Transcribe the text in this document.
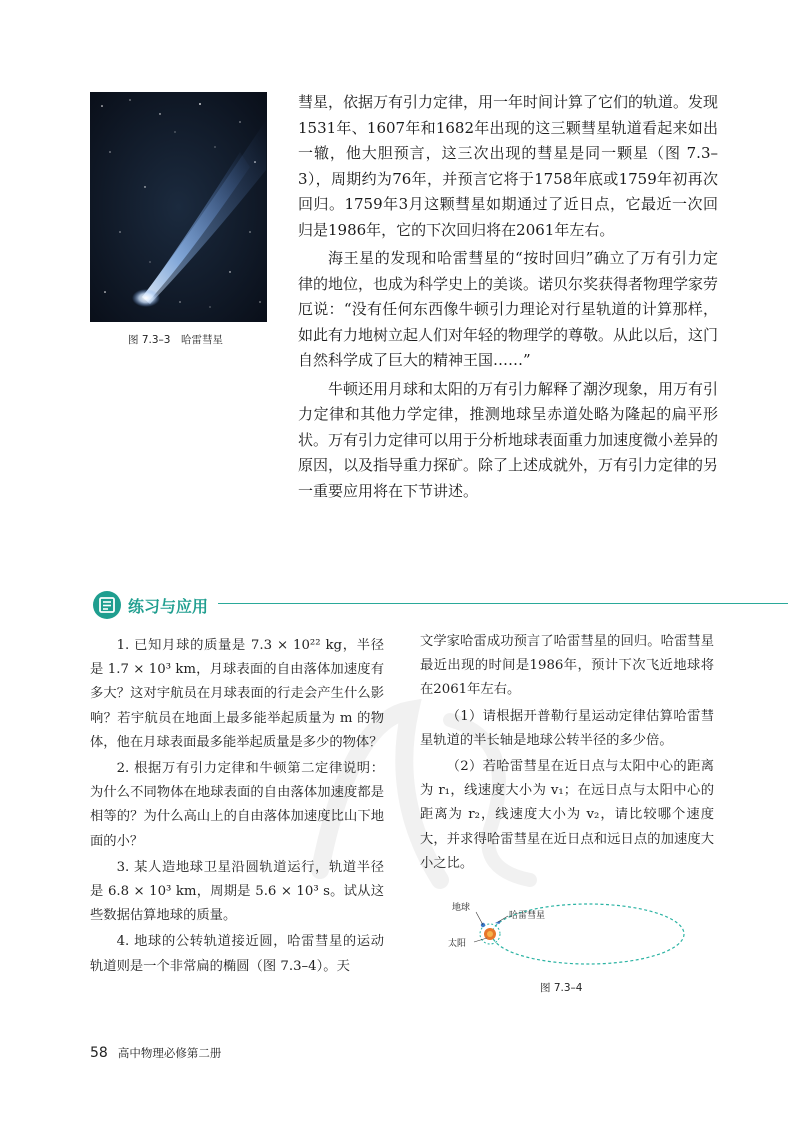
图 7.3–3　哈雷彗星

彗星，依据万有引力定律，用一年时间计算了它们的轨道。发现1531年、1607年和1682年出现的这三颗彗星轨道看起来如出一辙，他大胆预言，这三次出现的彗星是同一颗星（图 7.3–3），周期约为76年，并预言它将于1758年底或1759年初再次回归。1759年3月这颗彗星如期通过了近日点，它最近一次回归是1986年，它的下次回归将在2061年左右。

海王星的发现和哈雷彗星的“按时回归”确立了万有引力定律的地位，也成为科学史上的美谈。诺贝尔奖获得者物理学家劳厄说：“没有任何东西像牛顿引力理论对行星轨道的计算那样，如此有力地树立起人们对年轻的物理学的尊敬。从此以后，这门自然科学成了巨大的精神王国……”

牛顿还用月球和太阳的万有引力解释了潮汐现象，用万有引力定律和其他力学定律，推测地球呈赤道处略为隆起的扁平形状。万有引力定律可以用于分析地球表面重力加速度微小差异的原因，以及指导重力探矿。除了上述成就外，万有引力定律的另一重要应用将在下节讲述。

练习与应用

1. 已知月球的质量是 7.3 × 10²² kg，半径是 1.7 × 10³ km，月球表面的自由落体加速度有多大？这对宇航员在月球表面的行走会产生什么影响？若宇航员在地面上最多能举起质量为 m 的物体，他在月球表面最多能举起质量是多少的物体？

2. 根据万有引力定律和牛顿第二定律说明：为什么不同物体在地球表面的自由落体加速度都是相等的？为什么高山上的自由落体加速度比山下地面的小？

3. 某人造地球卫星沿圆轨道运行，轨道半径是 6.8 × 10³ km，周期是 5.6 × 10³ s。试从这些数据估算地球的质量。

4. 地球的公转轨道接近圆，哈雷彗星的运动轨道则是一个非常扁的椭圆（图 7.3–4）。天

文学家哈雷成功预言了哈雷彗星的回归。哈雷彗星最近出现的时间是1986年，预计下次飞近地球将在2061年左右。

（1）请根据开普勒行星运动定律估算哈雷彗星轨道的半长轴是地球公转半径的多少倍。

（2）若哈雷彗星在近日点与太阳中心的距离为 r₁，线速度大小为 v₁；在远日点与太阳中心的距离为 r₂，线速度大小为 v₂，请比较哪个速度大，并求得哈雷彗星在近日点和远日点的加速度大小之比。

地球
哈雷彗星
太阳
图 7.3–4
58 高中物理必修第二册
